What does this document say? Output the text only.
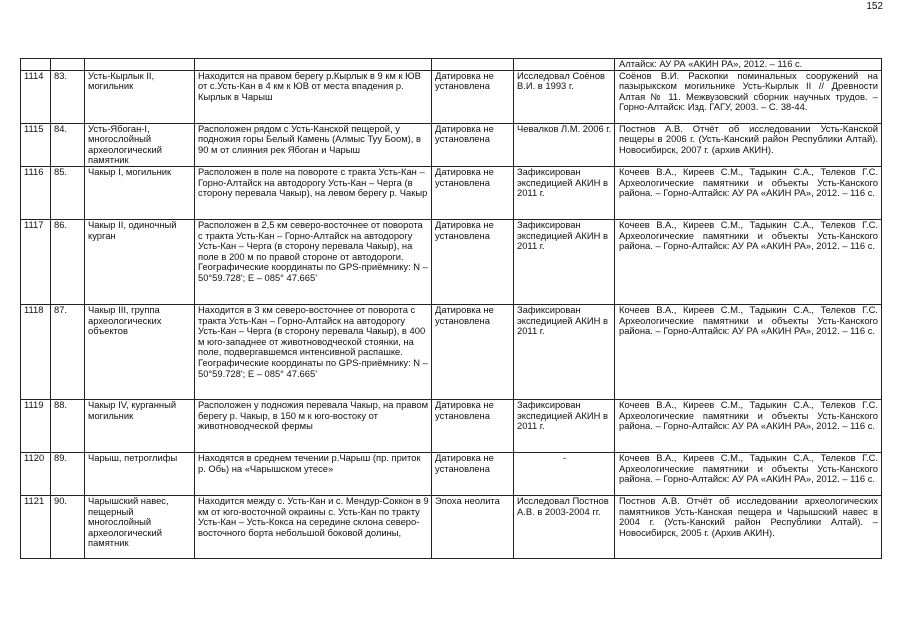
152
						Алтайск: АУ РА «АКИН РА», 2012. – 116 с.
1114	83.	Усть-Кырлык II, могильник	Находится на правом берегу р.Кырлык в 9 км к ЮВ от с.Усть-Кан в 4 км к ЮВ от места впадения р. Кырлык в Чарыш	Датировка не установлена	Исследовал Соёнов В.И. в 1993 г.	Соёнов В.И. Раскопки поминальных сооружений на пазырыкском могильнике Усть-Кырлык II // Древности Алтая № 11. Межвузовский сборник научных трудов. – Горно-Алтайск: Изд. ГАГУ, 2003. – С. 38-44.
1115	84.	Усть-Ябоган-I, многослойный археологический памятник	Расположен рядом с Усть-Канской пещерой, у подножия горы Белый Камень (Алмыс Туу Боом), в 90 м от слияния рек Ябоган и Чарыш	Датировка не установлена	Чевалков Л.М. 2006 г.	Постнов А.В. Отчёт об исследовании Усть-Канской пещеры в 2006 г. (Усть-Канский район Республики Алтай). Новосибирск, 2007 г. (архив АКИН).
1116	85.	Чакыр I, могильник	Расположен в поле на повороте с тракта Усть-Кан – Горно-Алтайск на автодорогу Усть-Кан – Черга (в сторону перевала Чакыр), на левом берегу р. Чакыр	Датировка не установлена	Зафиксирован экспедицией АКИН в 2011 г.	Кочеев В.А., Киреев С.М., Тадыкин С.А., Телеков Г.С. Археологические памятники и объекты Усть-Канского района. – Горно-Алтайск: АУ РА «АКИН РА», 2012. – 116 с.
1117	86.	Чакыр II, одиночный курган	Расположен в 2,5 км северо-восточнее от поворота с тракта Усть-Кан – Горно-Алтайск на автодорогу Усть-Кан – Черга (в сторону перевала Чакыр), на поле в 200 м по правой стороне от автодороги. Географические координаты по GPS-приёмнику: N – 50°59.728'; E – 085° 47.665'	Датировка не установлена	Зафиксирован экспедицией АКИН в 2011 г.	Кочеев В.А., Киреев С.М., Тадыкин С.А., Телеков Г.С. Археологические памятники и объекты Усть-Канского района. – Горно-Алтайск: АУ РА «АКИН РА», 2012. – 116 с.
1118	87.	Чакыр III, группа археологических объектов	Находится в 3 км северо-восточнее от поворота с тракта Усть-Кан – Горно-Алтайск на автодорогу Усть-Кан – Черга (в сторону перевала Чакыр), в 400 м юго-западнее от животноводческой стоянки, на поле, подвергавшемся интенсивной распашке. Географические координаты по GPS-приёмнику: N – 50°59.728'; E – 085° 47.665'	Датировка не установлена	Зафиксирован экспедицией АКИН в 2011 г.	Кочеев В.А., Киреев С.М., Тадыкин С.А., Телеков Г.С. Археологические памятники и объекты Усть-Канского района. – Горно-Алтайск: АУ РА «АКИН РА», 2012. – 116 с.
1119	88.	Чакыр IV, курганный могильник	Расположен у подножия перевала Чакыр, на правом берегу р. Чакыр, в 150 м к юго-востоку от животноводческой фермы	Датировка не установлена	Зафиксирован экспедицией АКИН в 2011 г.	Кочеев В.А., Киреев С.М., Тадыкин С.А., Телеков Г.С. Археологические памятники и объекты Усть-Канского района. – Горно-Алтайск: АУ РА «АКИН РА», 2012. – 116 с.
1120	89.	Чарыш, петроглифы	Находятся в среднем течении р.Чарыш (пр. приток р. Обь) на «Чарышском утесе»	Датировка не установлена	-	Кочеев В.А., Киреев С.М., Тадыкин С.А., Телеков Г.С. Археологические памятники и объекты Усть-Канского района. – Горно-Алтайск: АУ РА «АКИН РА», 2012. – 116 с.
1121	90.	Чарышский навес, пещерный многослойный археологический памятник	Находится между с. Усть-Кан и с. Мендур-Соккон в 9 км от юго-восточной окраины с. Усть-Кан по тракту Усть-Кан – Усть-Кокса на середине склона северо-восточного борта небольшой боковой долины,	Эпоха неолита	Исследовал Постнов А.В. в 2003-2004 гг.	Постнов А.В. Отчёт об исследовании археологических памятников Усть-Канская пещера и Чарышский навес в 2004 г. (Усть-Канский район Республики Алтай). – Новосибирск, 2005 г. (Архив АКИН).
